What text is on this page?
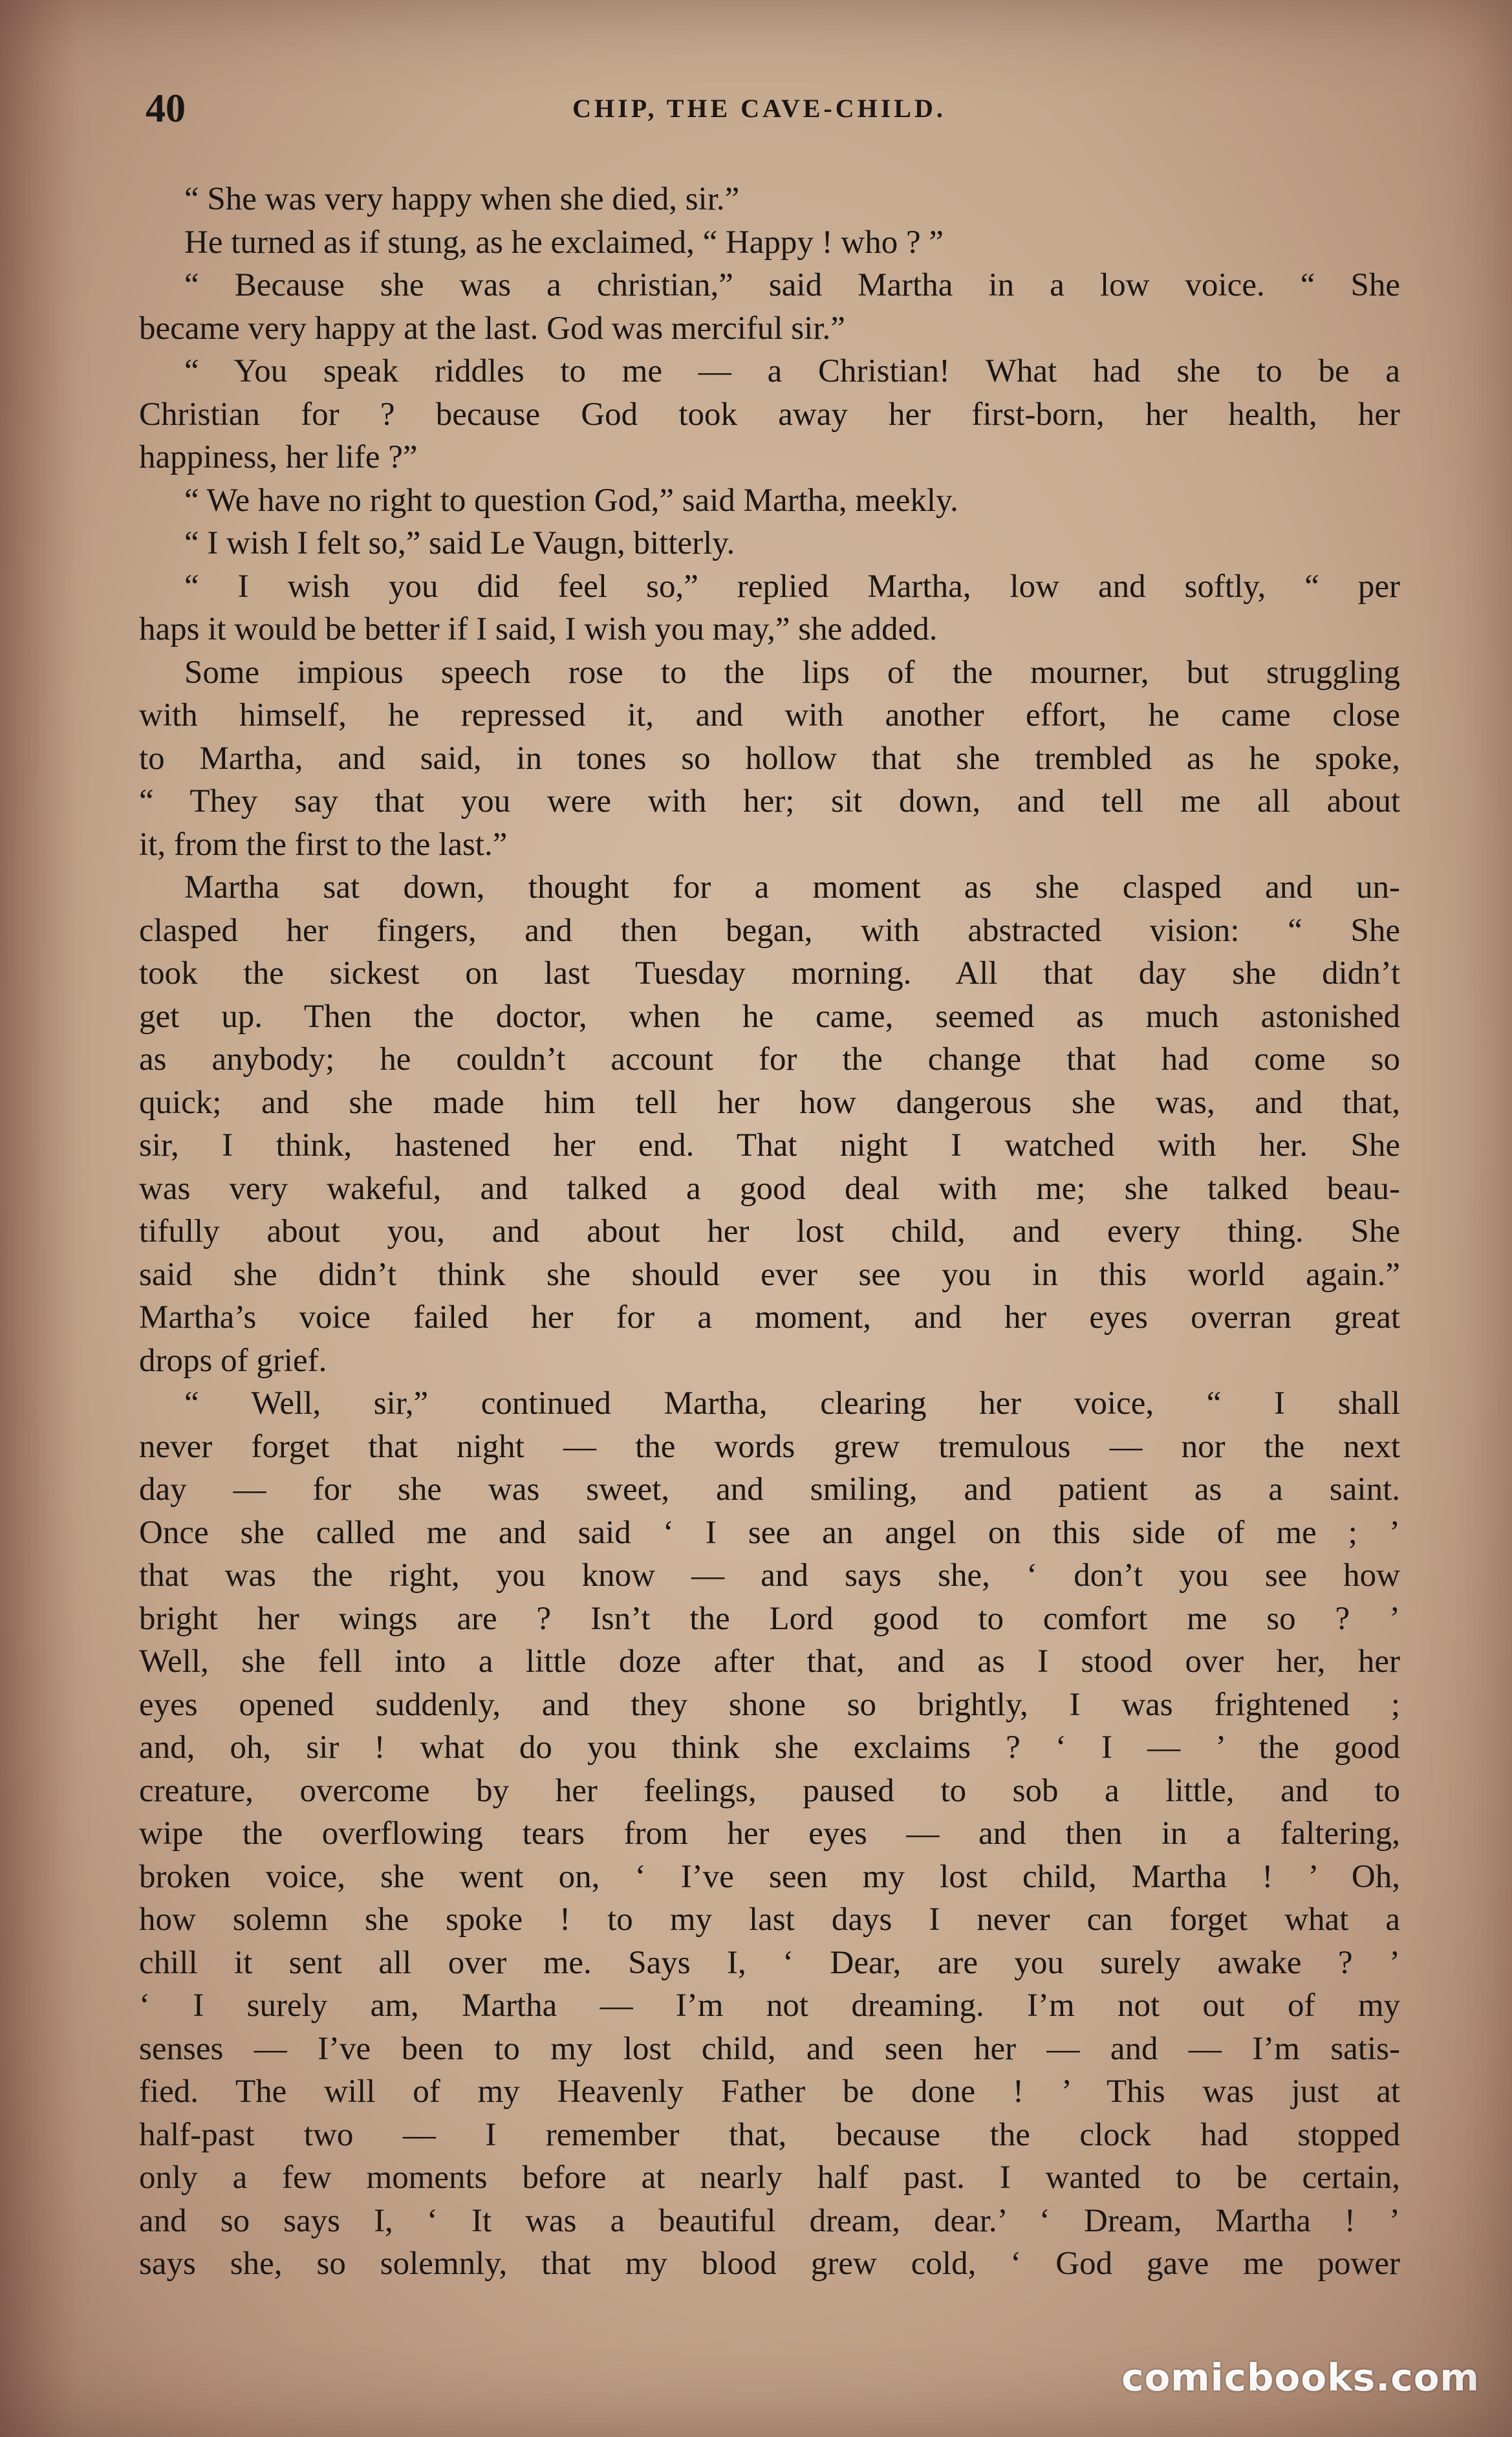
40	CHIP, THE CAVE-CHILD.
“ She was very happy when she died, sir.”
He turned as if stung, as he exclaimed, “ Happy ! who ? ”
“ Because she was a christian,” said Martha in a low voice. “ She
became very happy at the last. God was merciful sir.”
“ You speak riddles to me — a Christian! What had she to be a
Christian for ? because God took away her first-born, her health, her
happiness, her life ?”
“ We have no right to question God,” said Martha, meekly.
“ I wish I felt so,” said Le Vaugn, bitterly.
“ I wish you did feel so,” replied Martha, low and softly, “ per
haps it would be better if I said, I wish you may,” she added.
Some impious speech rose to the lips of the mourner, but struggling
with himself, he repressed it, and with another effort, he came close
to Martha, and said, in tones so hollow that she trembled as he spoke,
“ They say that you were with her; sit down, and tell me all about
it, from the first to the last.”
Martha sat down, thought for a moment as she clasped and un-
clasped her fingers, and then began, with abstracted vision: “ She
took the sickest on last Tuesday morning. All that day she didn’t
get up. Then the doctor, when he came, seemed as much astonished
as anybody; he couldn’t account for the change that had come so
quick; and she made him tell her how dangerous she was, and that,
sir, I think, hastened her end. That night I watched with her. She
was very wakeful, and talked a good deal with me; she talked beau-
tifully about you, and about her lost child, and every thing. She
said she didn’t think she should ever see you in this world again.”
Martha’s voice failed her for a moment, and her eyes overran great
drops of grief.
“ Well, sir,” continued Martha, clearing her voice, “ I shall
never forget that night — the words grew tremulous — nor the next
day — for she was sweet, and smiling, and patient as a saint.
Once she called me and said ‘ I see an angel on this side of me ; ’
that was the right, you know — and says she, ‘ don’t you see how
bright her wings are ? Isn’t the Lord good to comfort me so ? ’
Well, she fell into a little doze after that, and as I stood over her, her
eyes opened suddenly, and they shone so brightly, I was frightened ;
and, oh, sir ! what do you think she exclaims ? ‘ I — ’ the good
creature, overcome by her feelings, paused to sob a little, and to
wipe the overflowing tears from her eyes — and then in a faltering,
broken voice, she went on, ‘ I’ve seen my lost child, Martha ! ’ Oh,
how solemn she spoke ! to my last days I never can forget what a
chill it sent all over me. Says I, ‘ Dear, are you surely awake ? ’
‘ I surely am, Martha — I’m not dreaming. I’m not out of my
senses — I’ve been to my lost child, and seen her — and — I’m satis-
fied. The will of my Heavenly Father be done ! ’ This was just at
half-past two — I remember that, because the clock had stopped
only a few moments before at nearly half past. I wanted to be certain,
and so says I, ‘ It was a beautiful dream, dear.’ ‘ Dream, Martha ! ’
says she, so solemnly, that my blood grew cold, ‘ God gave me power
comicbooks.com
